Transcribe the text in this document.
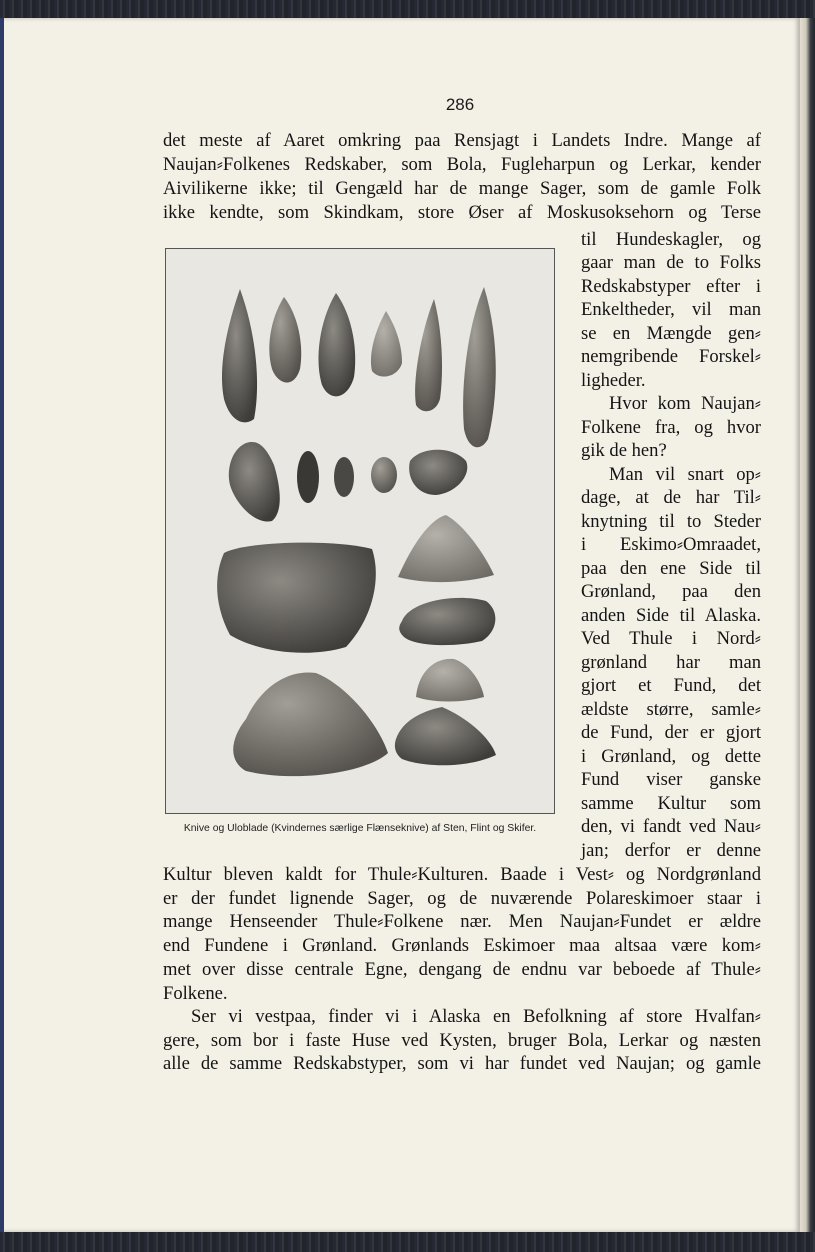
286
det meste af Aaret omkring paa Rensjagt i Landets Indre. Mange af
Naujan⸗Folkenes Redskaber, som Bola, Fugleharpun og Lerkar, kender
Aivilikerne ikke; til Gengæld har de mange Sager, som de gamle Folk
ikke kendte, som Skindkam, store Øser af Moskusoksehorn og Terse
Knive og Uloblade (Kvindernes særlige Flænseknive) af Sten, Flint og Skifer.
til Hundeskagler, og
gaar man de to Folks
Redskabstyper efter i
Enkeltheder, vil man
se en Mængde gen⸗
nemgribende Forskel⸗
ligheder.
Hvor kom Naujan⸗
Folkene fra, og hvor
gik de hen?
Man vil snart op⸗
dage, at de har Til⸗
knytning til to Steder
i Eskimo⸗Omraadet,
paa den ene Side til
Grønland, paa den
anden Side til Alaska.
Ved Thule i Nord⸗
grønland har man
gjort et Fund, det
ældste større, samle⸗
de Fund, der er gjort
i Grønland, og dette
Fund viser ganske
samme Kultur som
den, vi fandt ved Nau⸗
jan; derfor er denne
Kultur bleven kaldt for Thule⸗Kulturen. Baade i Vest⸗ og Nordgrønland
er der fundet lignende Sager, og de nuværende Polareskimoer staar i
mange Henseender Thule⸗Folkene nær. Men Naujan⸗Fundet er ældre
end Fundene i Grønland. Grønlands Eskimoer maa altsaa være kom⸗
met over disse centrale Egne, dengang de endnu var beboede af Thule⸗
Folkene.
Ser vi vestpaa, finder vi i Alaska en Befolkning af store Hvalfan⸗
gere, som bor i faste Huse ved Kysten, bruger Bola, Lerkar og næsten
alle de samme Redskabstyper, som vi har fundet ved Naujan; og gamle
